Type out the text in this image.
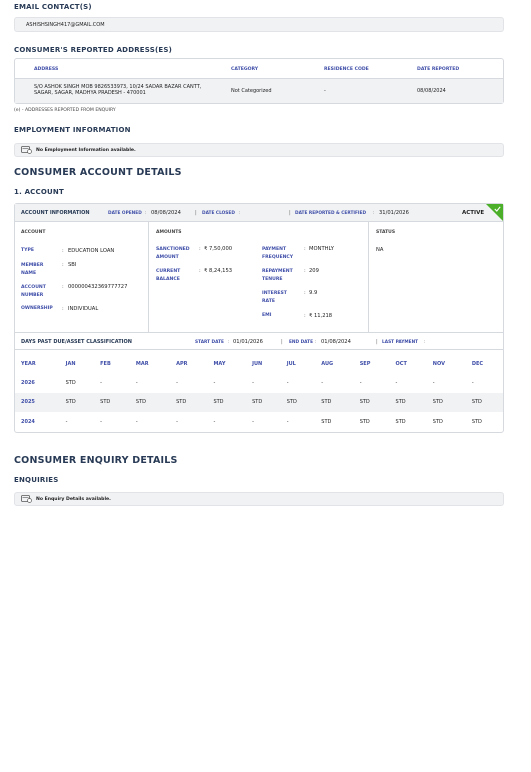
EMAIL CONTACT(S)
ASHISHSINGH417@GMAIL.COM
CONSUMER'S REPORTED ADDRESS(ES)
ADDRESS	CATEGORY	RESIDENCE CODE	DATE REPORTED
S/O ASHOK SINGH MOB 9826533973, 10/24 SADAR BAZAR CANTT, SAGAR, SAGAR, MADHYA PRADESH - 470001	Not Categorized	-	08/08/2024
(e) - ADDRESSES REPORTED FROM ENQUIRY
EMPLOYMENT INFORMATION
No Employment Information available.
CONSUMER ACCOUNT DETAILS
1. ACCOUNT
ACCOUNT INFORMATION	DATE OPENED : 08/08/2024	| DATE CLOSED :	| DATE REPORTED & CERTIFIED : 31/01/2026	ACTIVE
ACCOUNT
TYPE	: EDUCATION LOAN
MEMBER NAME
: SBI
ACCOUNT NUMBER
: 000000432369777727
OWNERSHIP : INDIVIDUAL
AMOUNTS
SANCTIONED AMOUNT
: ₹ 7,50,000
CURRENT BALANCE
: ₹ 8,24,153
PAYMENT FREQUENCY
: MONTHLY
REPAYMENT TENURE
: 209
INTEREST RATE
: 9.9
EMI	: ₹ 11,218
STATUS
NA
DAYS PAST DUE/ASSET CLASSIFICATION	START DATE : 01/01/2026	| END DATE : 01/08/2024	| LAST PAYMENT :
YEAR	JAN	FEB	MAR	APR	MAY	JUN	JUL	AUG	SEP	OCT	NOV	DEC
2026	STD	-	-	-	-	-	-	-	-	-	-	-
2025	STD	STD	STD	STD	STD	STD	STD	STD	STD	STD	STD	STD
2024	-	-	-	-	-	-	-	STD	STD	STD	STD	STD
CONSUMER ENQUIRY DETAILS
ENQUIRIES
No Enquiry Details available.
